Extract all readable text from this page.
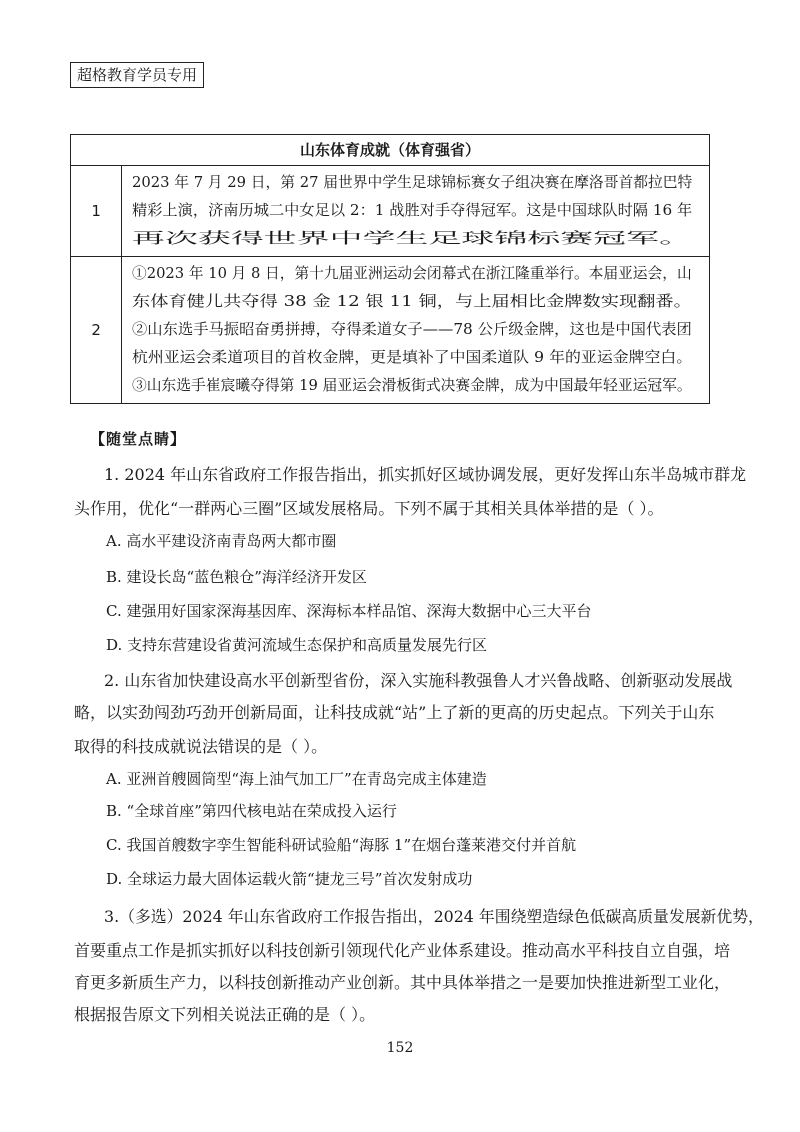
超格教育学员专用
山东体育成就（体育强省）	
1	2023 年 7 月 29 日，第 27 届世界中学生足球锦标赛女子组决赛在摩洛哥首都拉巴特 精彩上演，济南历城二中女足以 2：1 战胜对手夺得冠军。这是中国球队时隔 16 年 再次获得世界中学生足球锦标赛冠军。
2	①2023 年 10 月 8 日，第十九届亚洲运动会闭幕式在浙江隆重举行。本届亚运会，山 东体育健儿共夺得 38 金 12 银 11 铜，与上届相比金牌数实现翻番。 ②山东选手马振昭奋勇拼搏，夺得柔道女子——78 公斤级金牌，这也是中国代表团 杭州亚运会柔道项目的首枚金牌，更是填补了中国柔道队 9 年的亚运金牌空白。 ③山东选手崔宸曦夺得第 19 届亚运会滑板街式决赛金牌，成为中国最年轻亚运冠军。
【随堂点睛】
1. 2024 年山东省政府工作报告指出，抓实抓好区域协调发展，更好发挥山东半岛城市群龙
头作用，优化“一群两心三圈”区域发展格局。下列不属于其相关具体举措的是（ ）。
A. 高水平建设济南青岛两大都市圈
B. 建设长岛“蓝色粮仓”海洋经济开发区
C. 建强用好国家深海基因库、深海标本样品馆、深海大数据中心三大平台
D. 支持东营建设省黄河流域生态保护和高质量发展先行区
2. 山东省加快建设高水平创新型省份，深入实施科教强鲁人才兴鲁战略、创新驱动发展战
略，以实劲闯劲巧劲开创新局面，让科技成就“站”上了新的更高的历史起点。下列关于山东
取得的科技成就说法错误的是（ ）。
A. 亚洲首艘圆筒型“海上油气加工厂”在青岛完成主体建造
B. “全球首座”第四代核电站在荣成投入运行
C. 我国首艘数字孪生智能科研试验船“海豚 1”在烟台蓬莱港交付并首航
D. 全球运力最大固体运载火箭“捷龙三号”首次发射成功
3.（多选）2024 年山东省政府工作报告指出，2024 年围绕塑造绿色低碳高质量发展新优势，
首要重点工作是抓实抓好以科技创新引领现代化产业体系建设。推动高水平科技自立自强，培
育更多新质生产力，以科技创新推动产业创新。其中具体举措之一是要加快推进新型工业化，
根据报告原文下列相关说法正确的是（ ）。
152
